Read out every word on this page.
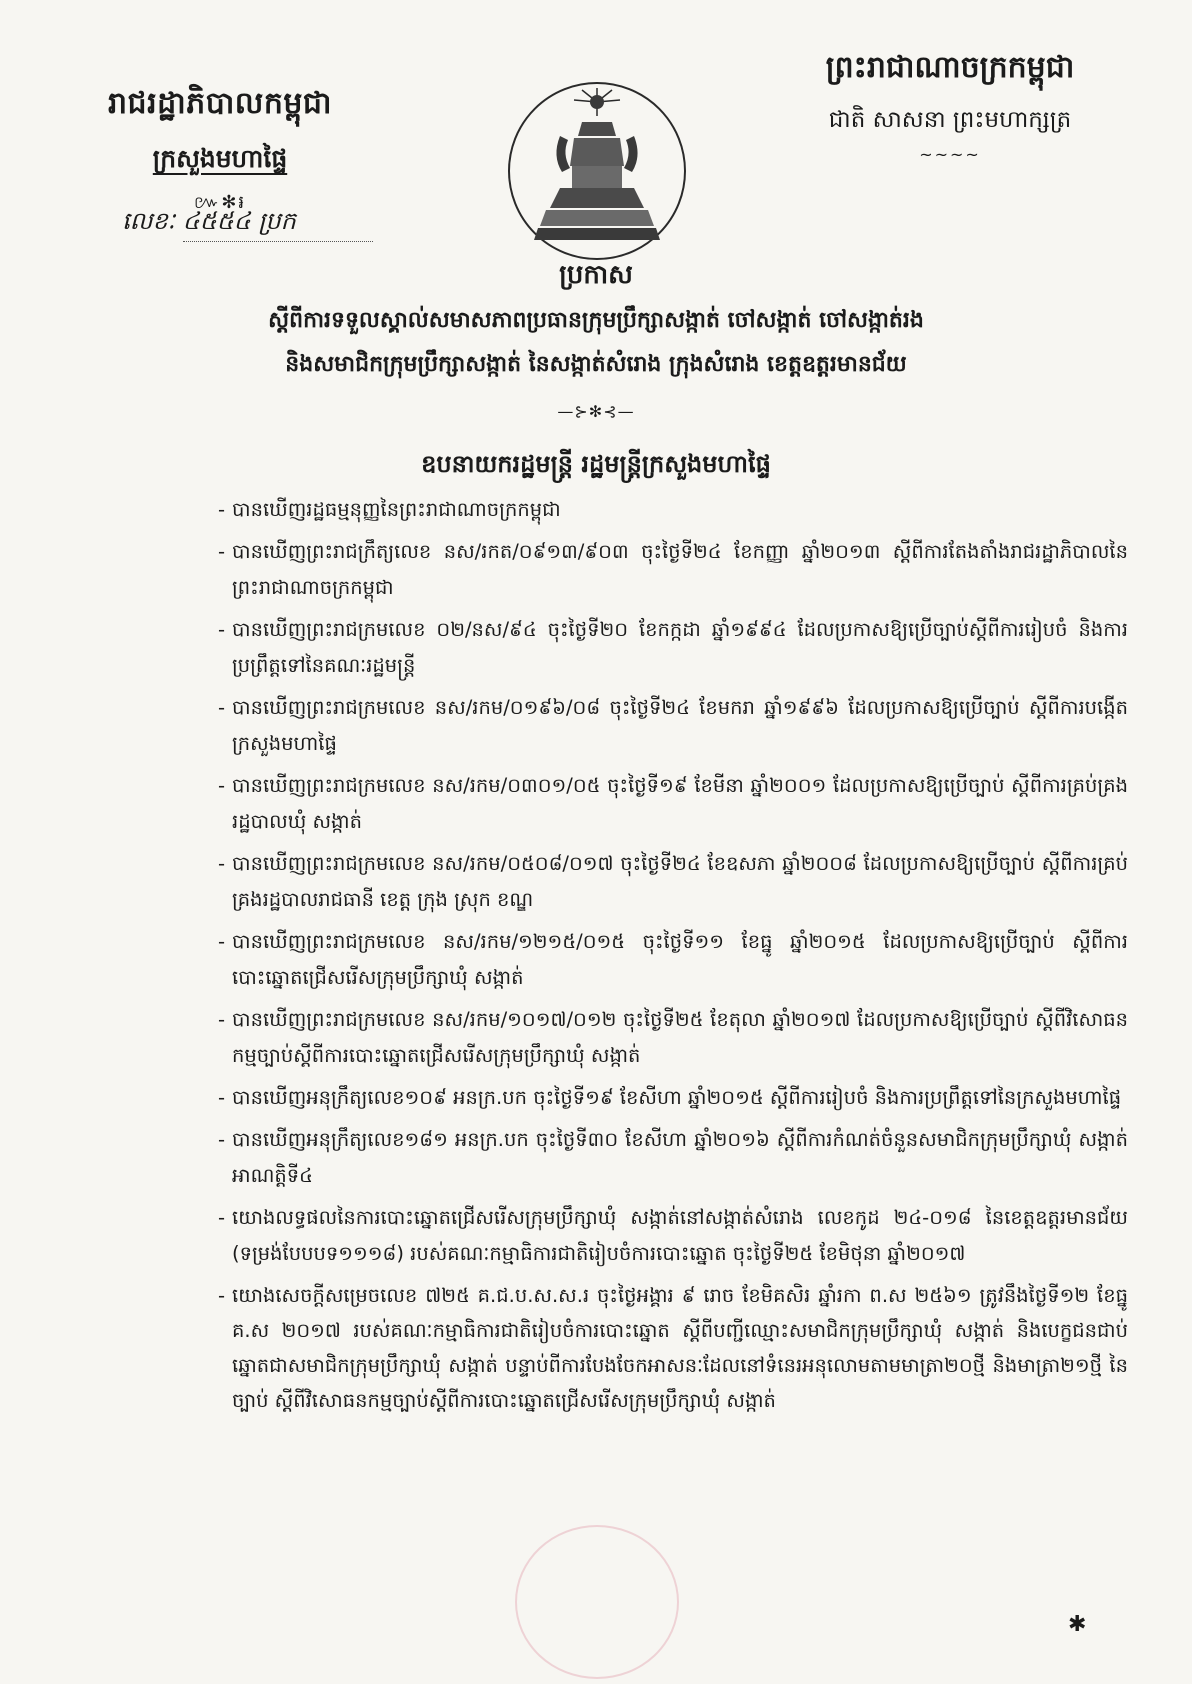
រាជរដ្ឋាភិបាលកម្ពុជា
ក្រសួងមហាផ្ទៃ
៚✻៛
លេខៈ ៤៥៥៤ ប្រក
ព្រះរាជាណាចក្រកម្ពុជា
ជាតិ សាសនា ព្រះមហាក្សត្រ
~~~~
ប្រកាស
ស្តីពីការទទួលស្គាល់សមាសភាពប្រធានក្រុមប្រឹក្សាសង្កាត់ ចៅសង្កាត់ ចៅសង្កាត់រង
និងសមាជិកក្រុមប្រឹក្សាសង្កាត់ នៃសង្កាត់សំរោង ក្រុងសំរោង ខេត្តឧត្តរមានជ័យ
—⊱✻⊰—
ឧបនាយករដ្ឋមន្ត្រី រដ្ឋមន្ត្រីក្រសួងមហាផ្ទៃ
- បានឃើញរដ្ឋធម្មនុញ្ញនៃព្រះរាជាណាចក្រកម្ពុជា
- បានឃើញព្រះរាជក្រឹត្យលេខ នស/រកត/០៩១៣/៩០៣ ចុះថ្ងៃទី២៤ ខែកញ្ញា ឆ្នាំ២០១៣ ស្តីពីការតែងតាំងរាជរដ្ឋាភិបាលនៃព្រះរាជាណាចក្រកម្ពុជា
- បានឃើញព្រះរាជក្រមលេខ ០២/នស/៩៤ ចុះថ្ងៃទី២០ ខែកក្កដា ឆ្នាំ១៩៩៤ ដែលប្រកាសឱ្យប្រើច្បាប់ស្តីពីការរៀបចំ និងការប្រព្រឹត្តទៅនៃគណៈរដ្ឋមន្ត្រី
- បានឃើញព្រះរាជក្រមលេខ នស/រកម/០១៩៦/០៨ ចុះថ្ងៃទី២៤ ខែមករា ឆ្នាំ១៩៩៦ ដែលប្រកាសឱ្យប្រើច្បាប់ ស្តីពីការបង្កើតក្រសួងមហាផ្ទៃ
- បានឃើញព្រះរាជក្រមលេខ នស/រកម/០៣០១/០៥ ចុះថ្ងៃទី១៩ ខែមីនា ឆ្នាំ២០០១ ដែលប្រកាសឱ្យប្រើច្បាប់ ស្តីពីការគ្រប់គ្រងរដ្ឋបាលឃុំ សង្កាត់
- បានឃើញព្រះរាជក្រមលេខ នស/រកម/០៥០៨/០១៧ ចុះថ្ងៃទី២៤ ខែឧសភា ឆ្នាំ២០០៨ ដែលប្រកាសឱ្យប្រើច្បាប់ ស្តីពីការគ្រប់គ្រងរដ្ឋបាលរាជធានី ខេត្ត ក្រុង ស្រុក ខណ្ឌ
- បានឃើញព្រះរាជក្រមលេខ នស/រកម/១២១៥/០១៥ ចុះថ្ងៃទី១១ ខែធ្នូ ឆ្នាំ២០១៥ ដែលប្រកាសឱ្យប្រើច្បាប់ ស្តីពីការបោះឆ្នោតជ្រើសរើសក្រុមប្រឹក្សាឃុំ សង្កាត់
- បានឃើញព្រះរាជក្រមលេខ នស/រកម/១០១៧/០១២ ចុះថ្ងៃទី២៥ ខែតុលា ឆ្នាំ២០១៧ ដែលប្រកាសឱ្យប្រើច្បាប់ ស្តីពីវិសោធនកម្មច្បាប់ស្តីពីការបោះឆ្នោតជ្រើសរើសក្រុមប្រឹក្សាឃុំ សង្កាត់
- បានឃើញអនុក្រឹត្យលេខ១០៩ អនក្រ.បក ចុះថ្ងៃទី១៩ ខែសីហា ឆ្នាំ២០១៥ ស្តីពីការរៀបចំ និងការប្រព្រឹត្តទៅនៃក្រសួងមហាផ្ទៃ
- បានឃើញអនុក្រឹត្យលេខ១៨១ អនក្រ.បក ចុះថ្ងៃទី៣០ ខែសីហា ឆ្នាំ២០១៦ ស្តីពីការកំណត់ចំនួនសមាជិកក្រុមប្រឹក្សាឃុំ សង្កាត់អាណត្តិទី៤
- យោងលទ្ធផលនៃការបោះឆ្នោតជ្រើសរើសក្រុមប្រឹក្សាឃុំ សង្កាត់នៅសង្កាត់សំរោង លេខកូដ ២៤-០១៨ នៃខេត្តឧត្តរមានជ័យ (ទម្រង់បែបបទ១១១៨) របស់គណៈកម្មាធិការជាតិរៀបចំការបោះឆ្នោត ចុះថ្ងៃទី២៥ ខែមិថុនា ឆ្នាំ២០១៧
- យោងសេចក្តីសម្រេចលេខ ៧២៥ គ.ជ.ប.ស.ស.រ ចុះថ្ងៃអង្គារ ៩ រោច ខែមិគសិរ ឆ្នាំរកា ព.ស ២៥៦១ ត្រូវនឹងថ្ងៃទី១២ ខែធ្នូ គ.ស ២០១៧ របស់គណៈកម្មាធិការជាតិរៀបចំការបោះឆ្នោត ស្តីពីបញ្ជីឈ្មោះសមាជិកក្រុមប្រឹក្សាឃុំ សង្កាត់ និងបេក្ខជនជាប់ឆ្នោតជាសមាជិកក្រុមប្រឹក្សាឃុំ សង្កាត់ បន្ទាប់ពីការបែងចែកអាសនៈដែលនៅទំនេរអនុលោមតាមមាត្រា២០ថ្មី និងមាត្រា២១ថ្មី នៃច្បាប់ ស្តីពីវិសោធនកម្មច្បាប់ស្តីពីការបោះឆ្នោតជ្រើសរើសក្រុមប្រឹក្សាឃុំ សង្កាត់
✱
